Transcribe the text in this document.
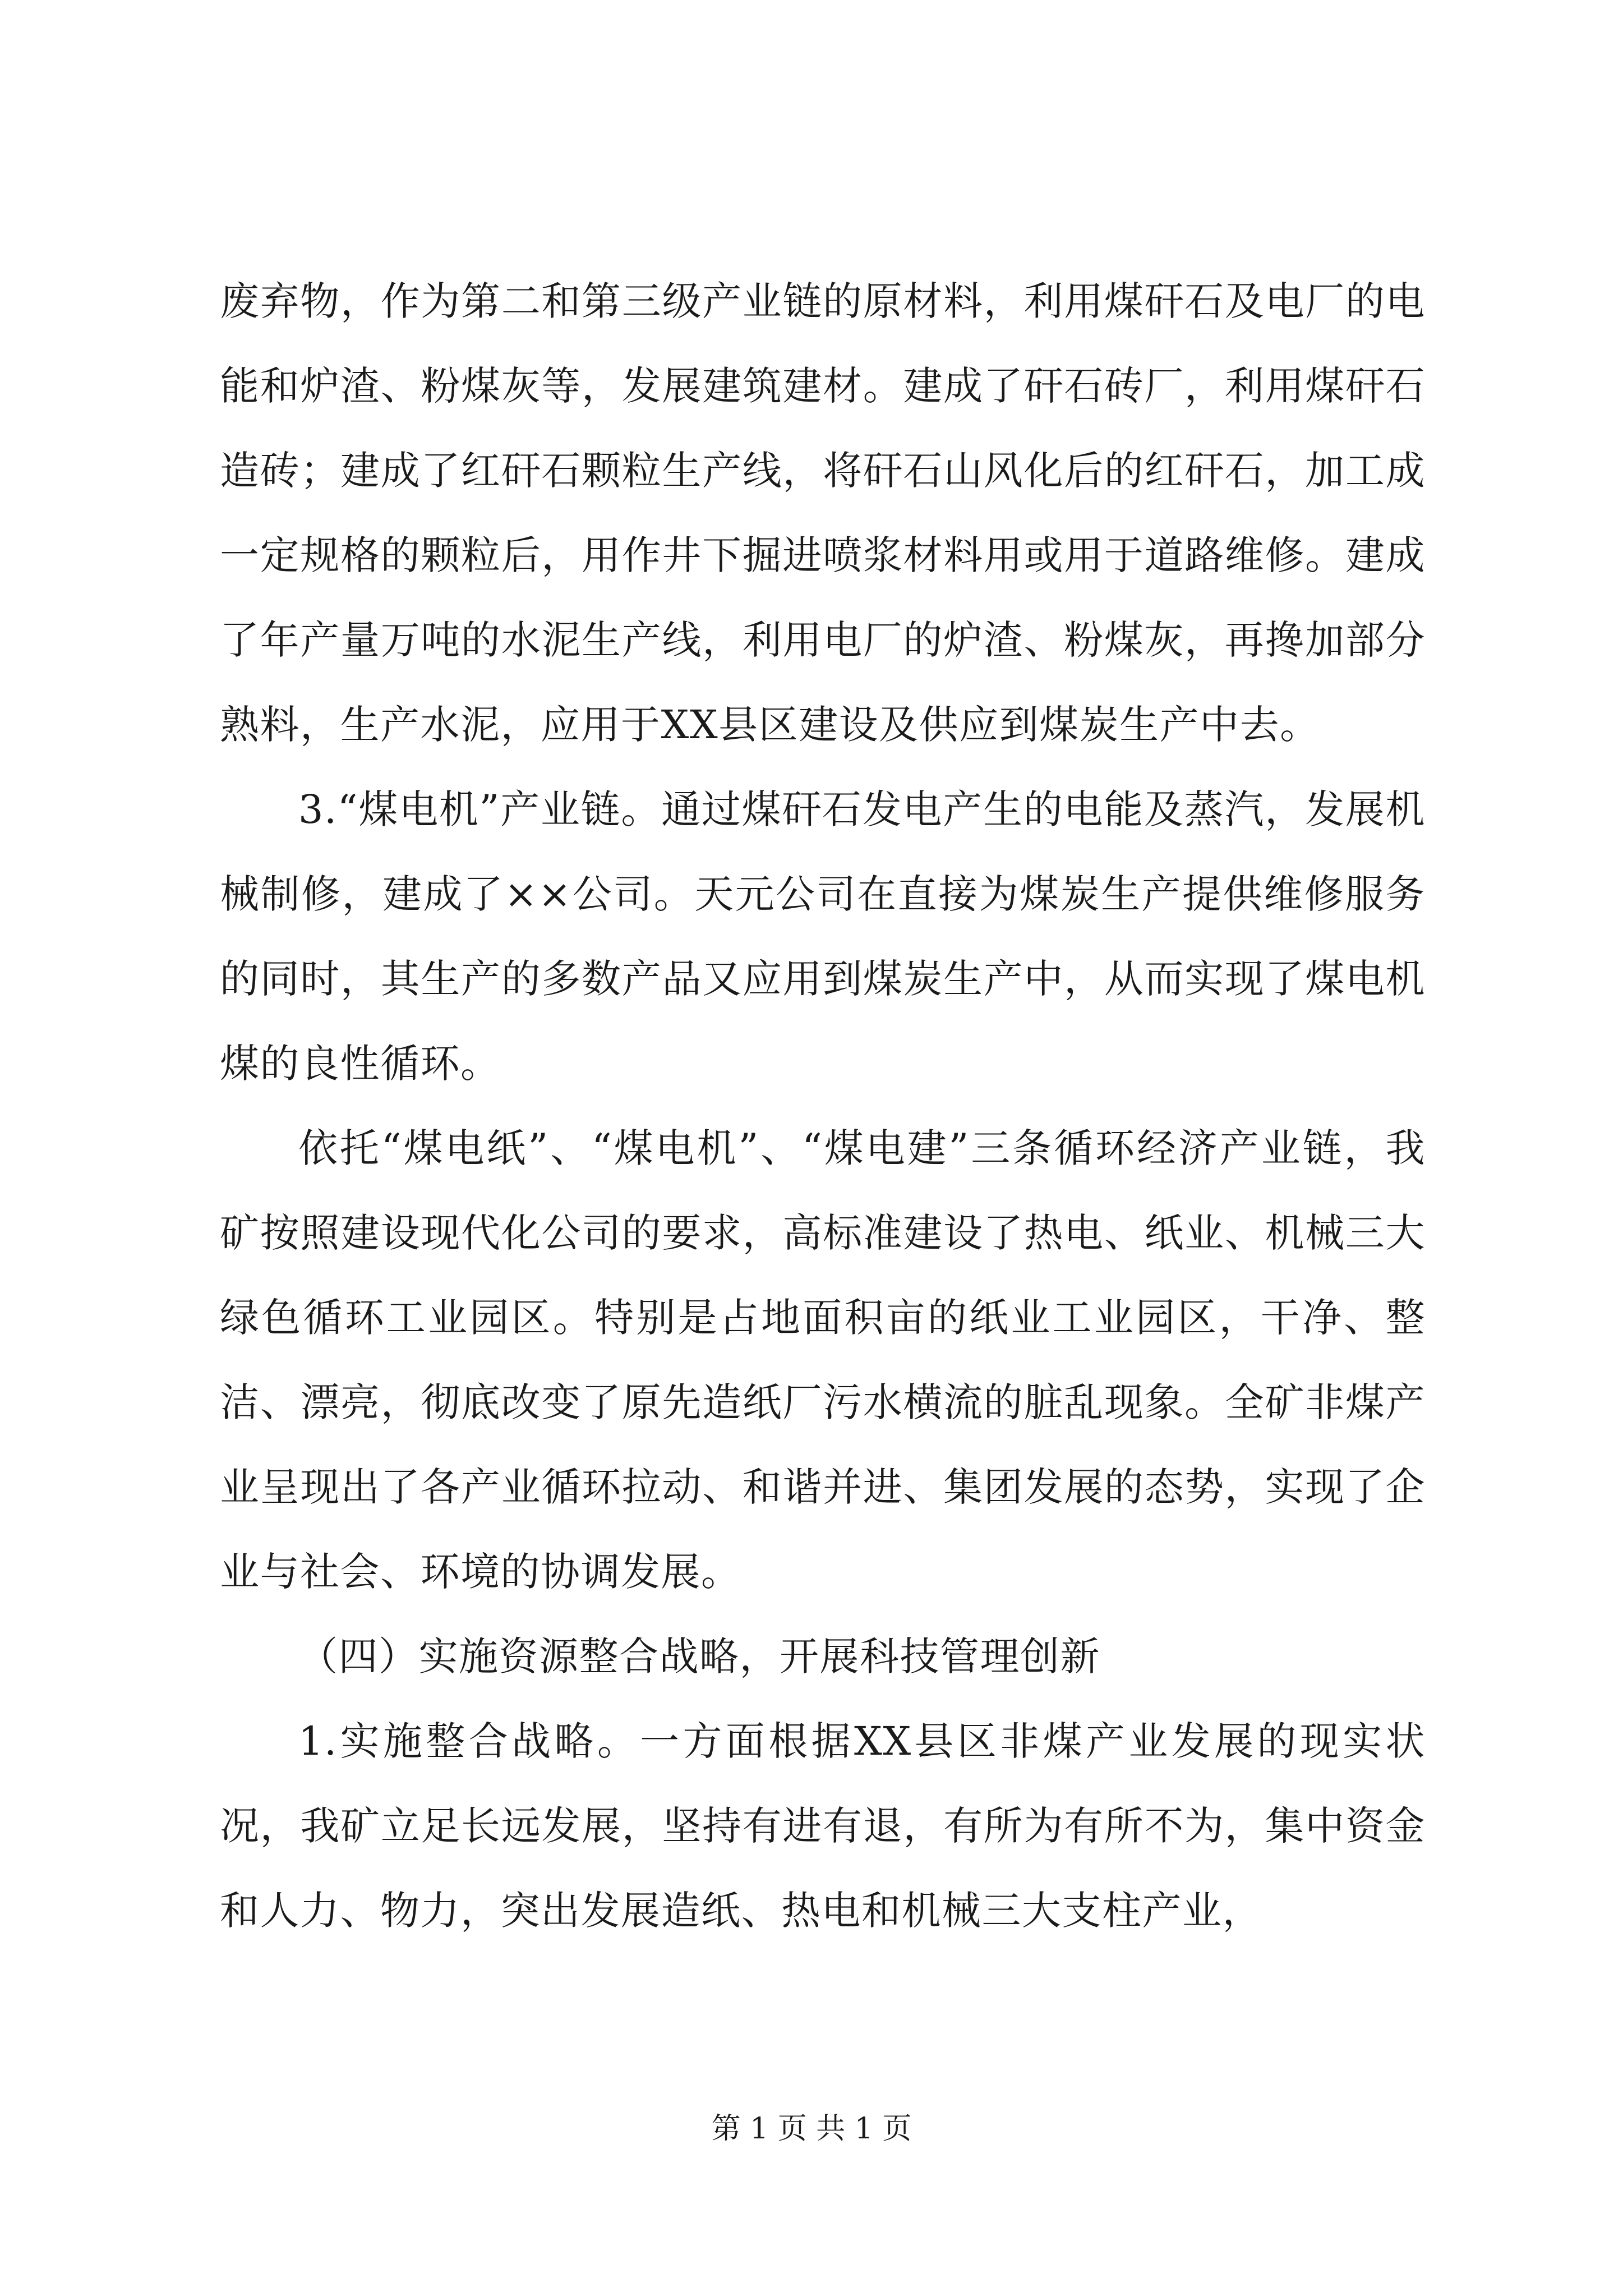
废弃物，作为第二和第三级产业链的原材料，利用煤矸石及电厂的电能和炉渣、粉煤灰等，发展建筑建材。建成了矸石砖厂，利用煤矸石造砖；建成了红矸石颗粒生产线，将矸石山风化后的红矸石，加工成一定规格的颗粒后，用作井下掘进喷浆材料用或用于道路维修。建成了年产量万吨的水泥生产线，利用电厂的炉渣、粉煤灰，再搀加部分熟料，生产水泥，应用于XX县区建设及供应到煤炭生产中去。

3.“煤电机”产业链。通过煤矸石发电产生的电能及蒸汽，发展机械制修，建成了××公司。天元公司在直接为煤炭生产提供维修服务的同时，其生产的多数产品又应用到煤炭生产中，从而实现了煤电机煤的良性循环。

依托“煤电纸”、“煤电机”、“煤电建”三条循环经济产业链，我矿按照建设现代化公司的要求，高标准建设了热电、纸业、机械三大绿色循环工业园区。特别是占地面积亩的纸业工业园区，干净、整洁、漂亮，彻底改变了原先造纸厂污水横流的脏乱现象。全矿非煤产业呈现出了各产业循环拉动、和谐并进、集团发展的态势，实现了企业与社会、环境的协调发展。

（四）实施资源整合战略，开展科技管理创新

1.实施整合战略。一方面根据XX县区非煤产业发展的现实状况，我矿立足长远发展，坚持有进有退，有所为有所不为，集中资金和人力、物力，突出发展造纸、热电和机械三大支柱产业，

第 1 页 共 1 页
